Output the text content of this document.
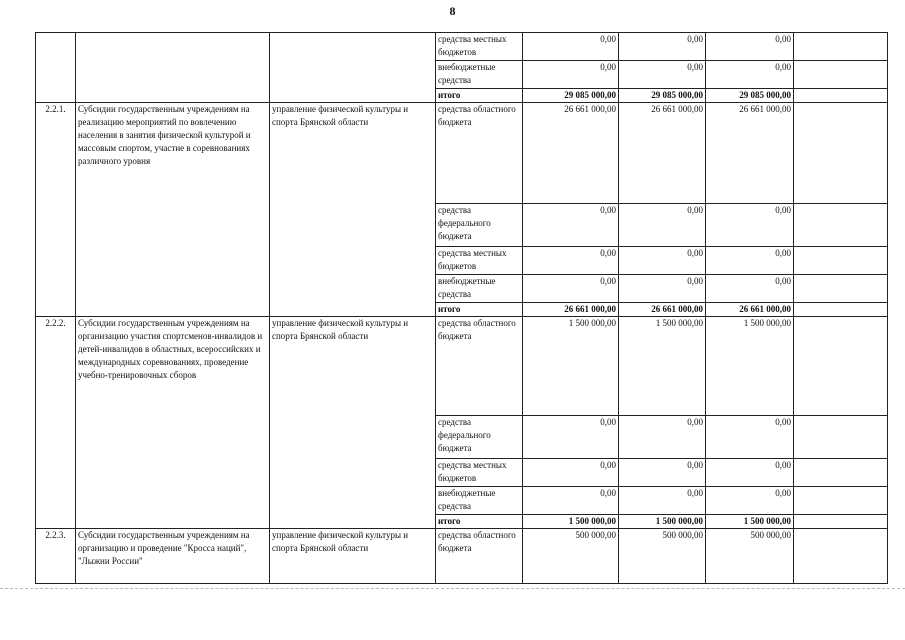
8
			средства местных бюджетов	0,00	0,00	0,00	
			внебюджетные средства	0,00	0,00	0,00	
			итого	29 085 000,00	29 085 000,00	29 085 000,00	
2.2.1.	Субсидии государственным учреждениям на реализацию мероприятий по вовлечению населения в занятия физической культурой и массовым спортом, участие в соревнованиях различного уровня	управление физической культуры и спорта Брянской области	средства областного бюджета	26 661 000,00	26 661 000,00	26 661 000,00	
			средства федерального бюджета	0,00	0,00	0,00	
			средства местных бюджетов	0,00	0,00	0,00	
			внебюджетные средства	0,00	0,00	0,00	
			итого	26 661 000,00	26 661 000,00	26 661 000,00	
2.2.2.	Субсидии государственным учреждениям на организацию участия спортсменов-инвалидов и детей-инвалидов в областных, всероссийских и международных соревнованиях, проведение учебно-тренировочных сборов	управление физической культуры и спорта Брянской области	средства областного бюджета	1 500 000,00	1 500 000,00	1 500 000,00	
			средства федерального бюджета	0,00	0,00	0,00	
			средства местных бюджетов	0,00	0,00	0,00	
			внебюджетные средства	0,00	0,00	0,00	
			итого	1 500 000,00	1 500 000,00	1 500 000,00	
2.2.3.	Субсидии государственным учреждениям на организацию и проведение "Кросса наций", "Лыжни России"	управление физической культуры и спорта Брянской области	средства областного бюджета	500 000,00	500 000,00	500 000,00	
